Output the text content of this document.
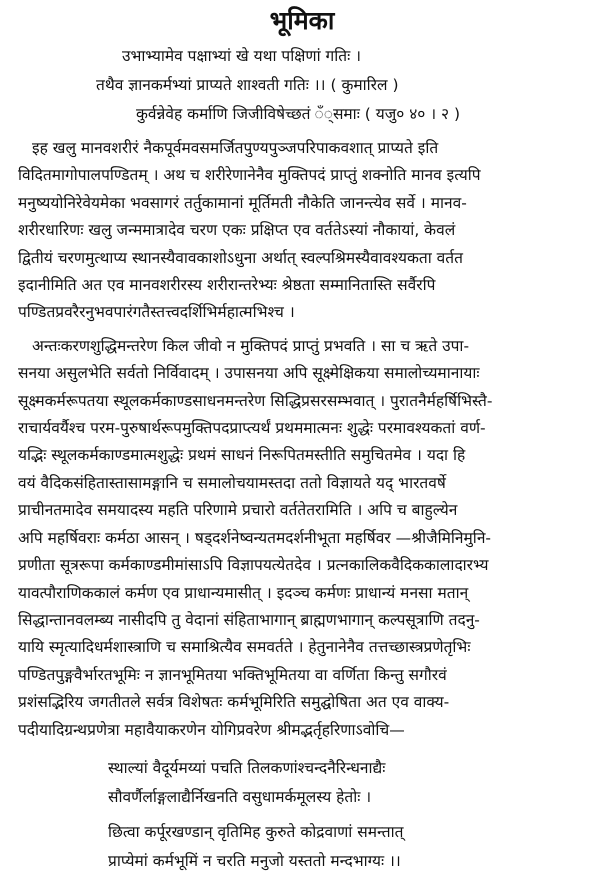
भूमिका
उभाभ्यामेव पक्षाभ्यां खे यथा पक्षिणां गतिः ।
तथैव ज्ञानकर्मभ्यां प्राप्यते शाश्वती गतिः ।। ( कुमारिल )
कुर्वन्नेवेह कर्माणि जिजीविषेच्छतं ँ्समाः ( यजु० ४० । २ )
इह खलु मानवशरीरं नैकपूर्वमवसमर्जितपुण्यपुञ्जपरिपाकवशात् प्राप्यते इति
विदितमागोपालपण्डितम् । अथ च शरीरेणानेनैव मुक्तिपदं प्राप्तुं शक्नोति मानव इत्यपि
मनुष्ययोनिरेवेयमेका भवसागरं तर्तुकामानां मूर्तिमती नौकेति जानन्त्येव सर्वे । मानव-
शरीरधारिणः खलु जन्ममात्रादेव चरण एकः प्रक्षिप्त एव वर्ततेऽस्यां नौकायां, केवलं
द्वितीयं चरणमुत्थाप्य स्थानस्यैवावकाशोऽधुना अर्थात् स्वल्पश्रिमस्यैवावश्यकता वर्तत
इदानीमिति अत एव मानवशरीरस्य शरीरान्तरेभ्यः श्रेष्ठता सम्मानितास्ति सर्वैरपि
पण्डितप्रवरैरनुभवपारंगतैस्तत्त्वदर्शिभिर्महात्मभिश्च ।
अन्तःकरणशुद्धिमन्तरेण किल जीवो न मुक्तिपदं प्राप्तुं प्रभवति । सा च ऋते उपा-
सनया असुलभेति सर्वतो निर्विवादम् । उपासनया अपि सूक्ष्मेक्षिकया समालोच्यमानायाः
सूक्ष्मकर्मरूपतया स्थूलकर्मकाण्डसाधनमन्तरेण सिद्धिप्रसरसम्भवात् । पुरातनैर्महर्षिभिस्तै-
राचार्यवर्यैश्च परम-पुरुषार्थरूपमुक्तिपदप्राप्त्यर्थं प्रथममात्मनः शुद्धेः परमावश्यकतां वर्ण-
यद्भिः स्थूलकर्मकाण्डमात्मशुद्धेः प्रथमं साधनं निरूपितमस्तीति समुचितमेव । यदा हि
वयं वैदिकसंहितास्तासामङ्गानि च समालोचयामस्तदा ततो विज्ञायते यद् भारतवर्षे
प्राचीनतमादेव समयादस्य महति परिणामे प्रचारो वर्ततेतरामिति । अपि च बाहुल्येन
अपि महर्षिवराः कर्मठा आसन् । षड्दर्शनेष्वन्यतमदर्शनीभूता महर्षिवर —श्रीजैमिनिमुनि-
प्रणीता सूत्ररूपा कर्मकाण्डमीमांसाऽपि विज्ञापयत्येतदेव । प्रत्नकालिकवैदिककालादारभ्य
यावत्पौराणिककालं कर्मण एव प्राधान्यमासीत् । इदञ्च कर्मणः प्राधान्यं मनसा मतान्
सिद्धान्तानवलम्ब्य नासीदपि तु वेदानां संहिताभागान् ब्राह्मणभागान् कल्पसूत्राणि तदनु-
यायि स्मृत्यादिधर्मशास्त्राणि च समाश्रित्यैव समवर्तते । हेतुनानेनैव तत्तच्छास्त्रप्रणेतृभिः
पण्डितपुङ्गवैर्भारतभूमिः न ज्ञानभूमितया भक्तिभूमितया वा वर्णिता किन्तु सगौरवं
प्रशंसद्भिरिय जगतीतले सर्वत्र विशेषतः कर्मभूमिरिति समुद्घोषिता अत एव वाक्य-
पदीयादिग्रन्थप्रणेत्रा महावैयाकरणेन योगिप्रवरेण श्रीमद्भर्तृहरिणाऽवोचि—
स्थाल्यां वैदूर्यमय्यां पचति तिलकणांश्चन्दनैरिन्धनाद्यैः
सौवर्णैर्लाङ्गलाद्यैर्निखनति वसुधामर्कमूलस्य हेतोः ।
छित्वा कर्पूरखण्डान् वृतिमिह कुरुते कोद्रवाणां समन्तात्
प्राप्येमां कर्मभूमिं न चरति मनुजो यस्ततो मन्दभाग्यः ।।
